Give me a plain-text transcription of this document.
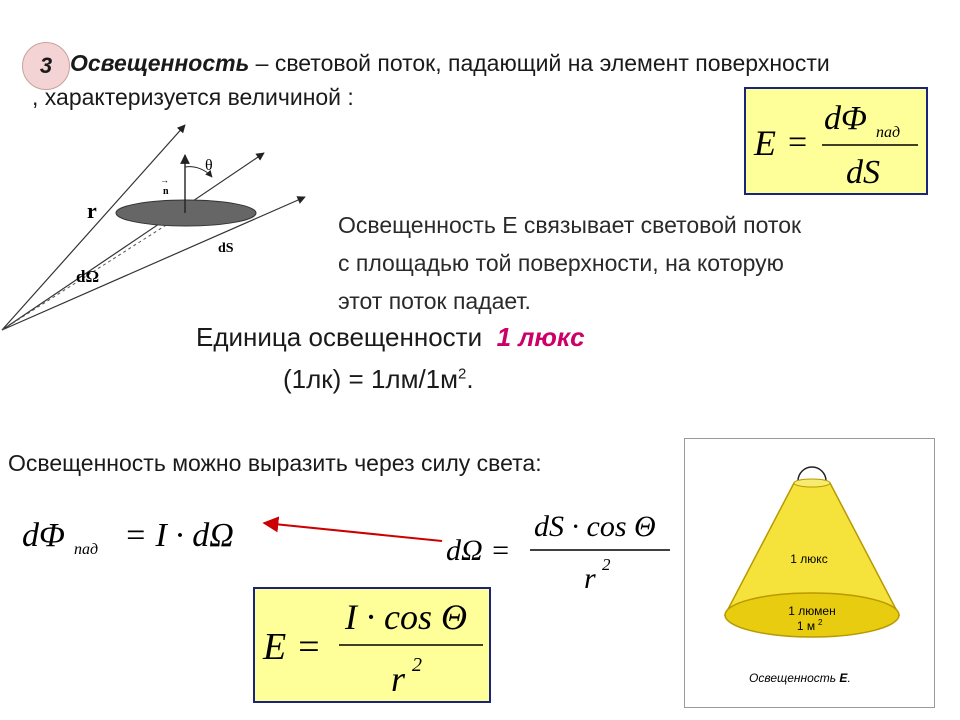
3 Освещенность – световой поток, падающий на элемент поверхности
, характеризуется величиной :
E =
dΦ пад
dS
θ
n
→
r
dS
dΩ
Освещенность Е связывает световой поток
с площадью той поверхности, на которую
этот поток падает.
Единица освещенности 1 люкс
$(1лк) = 1лм/1м^2$.
Освещенность можно выразить через силу света:
dΦ пад = I · dΩ	dΩ =
dS · cos Θ
r 2
E =
I · cos Θ
r 2
1 люкс
1 люмен
1 м 2
Освещенность E.
